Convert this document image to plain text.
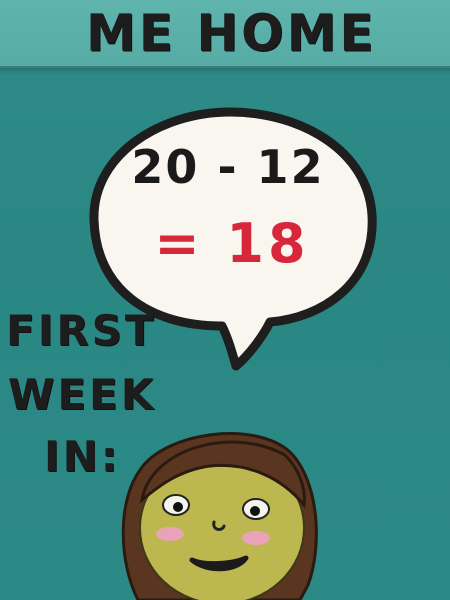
ME HOME
20 - 12
= 18
FIRST
WEEK
IN:
